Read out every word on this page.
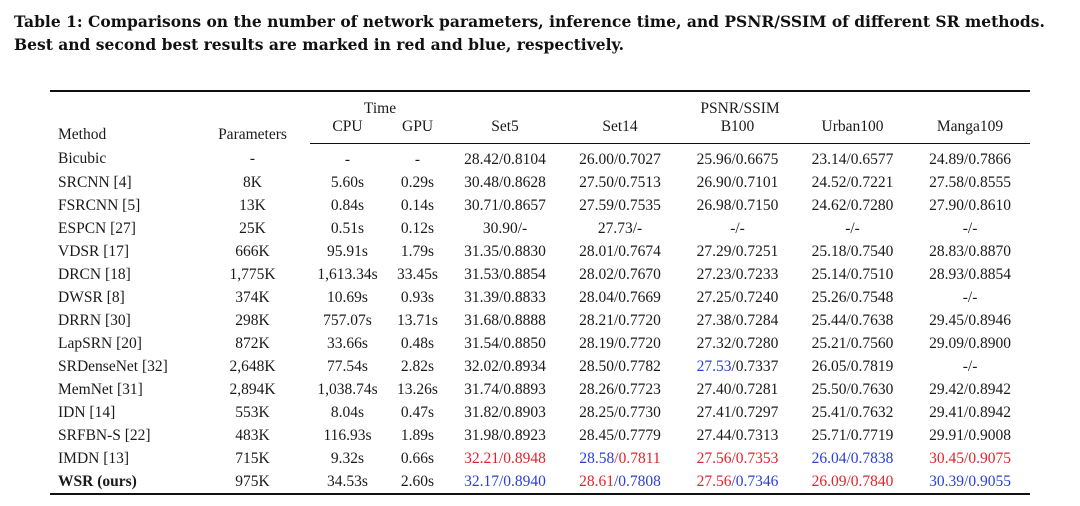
Table 1: Comparisons on the number of network parameters, inference time, and PSNR/SSIM of different SR methods. Best and second best results are marked in red and blue, respectively.
Method	Parameters	Time		PSNR/SSIM				
		CPU	GPU	Set5	Set14	B100	Urban100	Manga109
Bicubic	-	-	-	28.42/0.8104	26.00/0.7027	25.96/0.6675	23.14/0.6577	24.89/0.7866
SRCNN [4]	8K	5.60s	0.29s	30.48/0.8628	27.50/0.7513	26.90/0.7101	24.52/0.7221	27.58/0.8555
FSRCNN [5]	13K	0.84s	0.14s	30.71/0.8657	27.59/0.7535	26.98/0.7150	24.62/0.7280	27.90/0.8610
ESPCN [27]	25K	0.51s	0.12s	30.90/-	27.73/-	-/-	-/-	-/-
VDSR [17]	666K	95.91s	1.79s	31.35/0.8830	28.01/0.7674	27.29/0.7251	25.18/0.7540	28.83/0.8870
DRCN [18]	1,775K	1,613.34s	33.45s	31.53/0.8854	28.02/0.7670	27.23/0.7233	25.14/0.7510	28.93/0.8854
DWSR [8]	374K	10.69s	0.93s	31.39/0.8833	28.04/0.7669	27.25/0.7240	25.26/0.7548	-/-
DRRN [30]	298K	757.07s	13.71s	31.68/0.8888	28.21/0.7720	27.38/0.7284	25.44/0.7638	29.45/0.8946
LapSRN [20]	872K	33.66s	0.48s	31.54/0.8850	28.19/0.7720	27.32/0.7280	25.21/0.7560	29.09/0.8900
SRDenseNet [32]	2,648K	77.54s	2.82s	32.02/0.8934	28.50/0.7782	27.53/0.7337	26.05/0.7819	-/-
MemNet [31]	2,894K	1,038.74s	13.26s	31.74/0.8893	28.26/0.7723	27.40/0.7281	25.50/0.7630	29.42/0.8942
IDN [14]	553K	8.04s	0.47s	31.82/0.8903	28.25/0.7730	27.41/0.7297	25.41/0.7632	29.41/0.8942
SRFBN-S [22]	483K	116.93s	1.89s	31.98/0.8923	28.45/0.7779	27.44/0.7313	25.71/0.7719	29.91/0.9008
IMDN [13]	715K	9.32s	0.66s	32.21/0.8948	28.58/0.7811	27.56/0.7353	26.04/0.7838	30.45/0.9075
WSR (ours)	975K	34.53s	2.60s	32.17/0.8940	28.61/0.7808	27.56/0.7346	26.09/0.7840	30.39/0.9055
